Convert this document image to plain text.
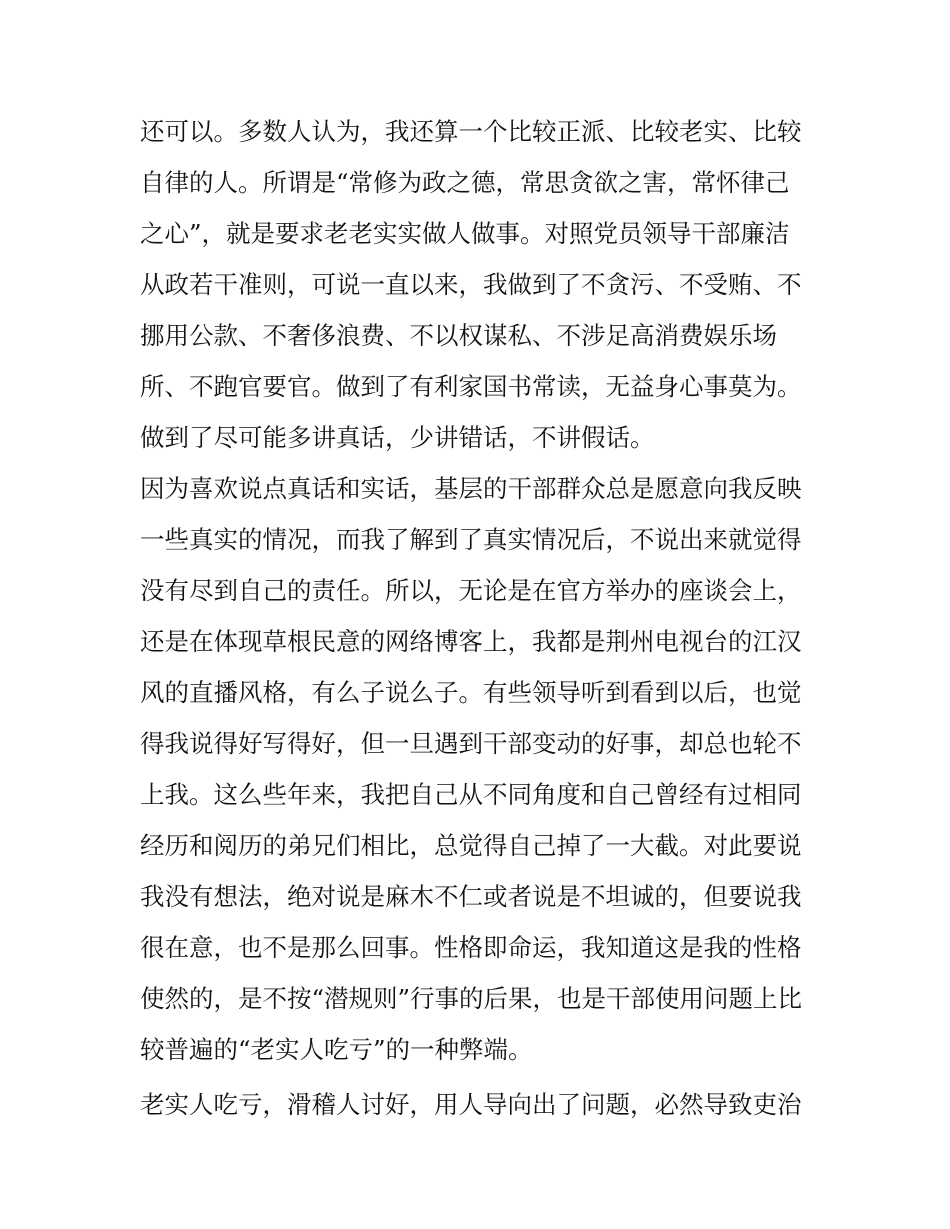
还可以。多数人认为，我还算一个比较正派、比较老实、比较
自律的人。所谓是“常修为政之德，常思贪欲之害，常怀律己
之心”，就是要求老老实实做人做事。对照党员领导干部廉洁
从政若干准则，可说一直以来，我做到了不贪污、不受贿、不
挪用公款、不奢侈浪费、不以权谋私、不涉足高消费娱乐场
所、不跑官要官。做到了有利家国书常读，无益身心事莫为。
做到了尽可能多讲真话，少讲错话，不讲假话。
因为喜欢说点真话和实话，基层的干部群众总是愿意向我反映
一些真实的情况，而我了解到了真实情况后，不说出来就觉得
没有尽到自己的责任。所以，无论是在官方举办的座谈会上，
还是在体现草根民意的网络博客上，我都是荆州电视台的江汉
风的直播风格，有么子说么子。有些领导听到看到以后，也觉
得我说得好写得好，但一旦遇到干部变动的好事，却总也轮不
上我。这么些年来，我把自己从不同角度和自己曾经有过相同
经历和阅历的弟兄们相比，总觉得自己掉了一大截。对此要说
我没有想法，绝对说是麻木不仁或者说是不坦诚的，但要说我
很在意，也不是那么回事。性格即命运，我知道这是我的性格
使然的，是不按“潜规则”行事的后果，也是干部使用问题上比
较普遍的“老实人吃亏”的一种弊端。
老实人吃亏，滑稽人讨好，用人导向出了问题，必然导致吏治
